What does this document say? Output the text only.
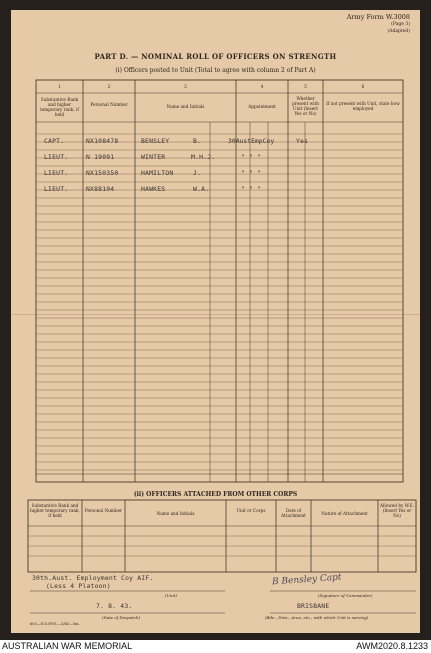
Army Form W.3008

(Page 3)
(Adapted)
PART D. — NOMINAL ROLL OF OFFICERS ON STRENGTH
(i) Officers posted to Unit (Total to agree with column 2 of Part A)
1	2	3	4	5	6
Substantive Rank and higher temporary rank, if held
Personal Number	Name and Initials	Appointment
Whether present with Unit (Insert Yes or No)
If not present with Unit, state how employed
CAPT.	NX108478	BENSLEY	B.	30AustEmpCoy	Yes
LIEUT.	N 19091	WINTER	M.H.J.	" " "
LIEUT.	NX150350	HAMILTON	J.	" " "
LIEUT.	NX88104	HAWKES	W.A.	" " "
(ii) OFFICERS ATTACHED FROM OTHER CORPS
Substantive Rank and higher temporary rank, if held
Personal Number
Name and Initials
Unit or Corps	Date of Attachment	Nature of Attachment
Allowed by W.E. (Insert Yes or No)
30th.Aust. Employment Coy AIF.
(Less 4 Platoon)
(Unit)
B Bensley Capt
(Signature of Commander)
7. 8. 43.
(Date of Despatch)
BRISBANE
(Bde., Divn., Area, etc., with which Unit is serving)
603—N.G.P.P.S.—3/43—5m.
AUSTRALIAN WAR MEMORIAL	AWM2020.8.1233
